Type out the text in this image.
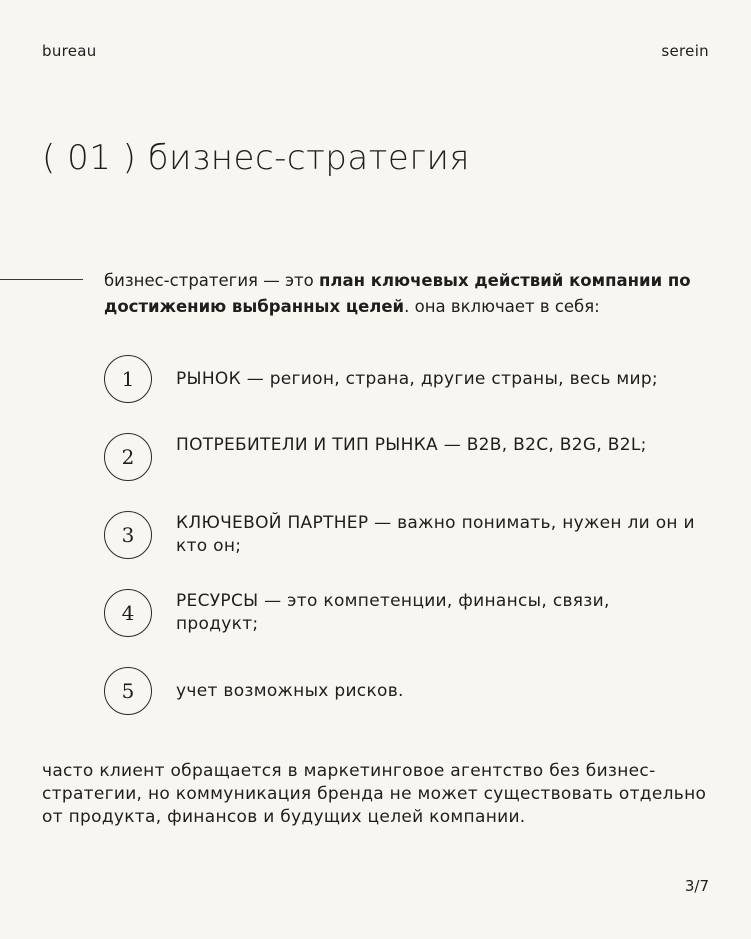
bureau	serein
( 01 ) бизнес-стратегия

бизнес-стратегия — это план ключевых действий компании по достижению выбранных целей. она включает в себя:

1	РЫНОК — регион, страна, другие страны, весь мир;
2	ПОТРЕБИТЕЛИ И ТИП РЫНКА — B2B, B2C, B2G, B2L;
3	КЛЮЧЕВОЙ ПАРТНЕР — важно понимать, нужен ли он и кто он;
4	РЕСУРСЫ — это компетенции, финансы, связи, продукт;
5	учет возможных рисков.

часто клиент обращается в маркетинговое агентство без бизнес-стратегии, но коммуникация бренда не может существовать отдельно от продукта, финансов и будущих целей компании.

3/7
